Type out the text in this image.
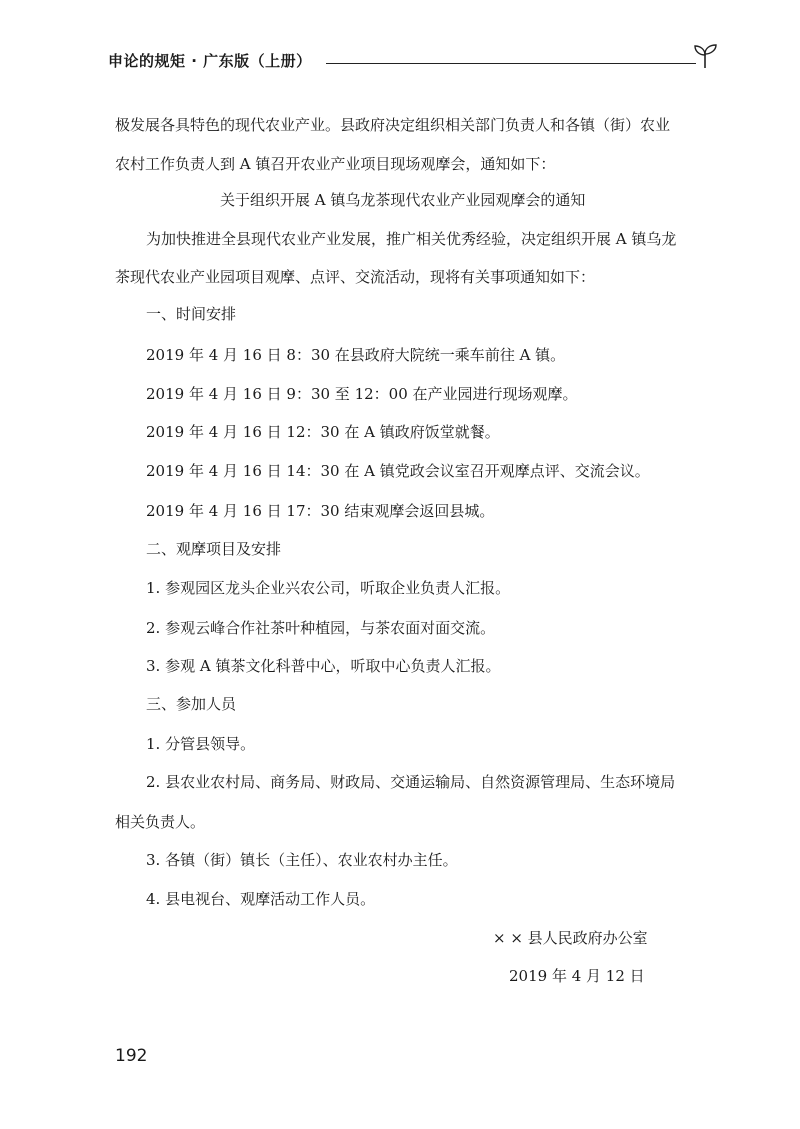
申论的规矩 · 广东版（上册）
极发展各具特色的现代农业产业。县政府决定组织相关部门负责人和各镇（街）农业
农村工作负责人到 A 镇召开农业产业项目现场观摩会，通知如下：
关于组织开展 A 镇乌龙茶现代农业产业园观摩会的通知
为加快推进全县现代农业产业发展，推广相关优秀经验，决定组织开展 A 镇乌龙
茶现代农业产业园项目观摩、点评、交流活动，现将有关事项通知如下：
一、时间安排
2019 年 4 月 16 日 8：30 在县政府大院统一乘车前往 A 镇。
2019 年 4 月 16 日 9：30 至 12：00 在产业园进行现场观摩。
2019 年 4 月 16 日 12：30 在 A 镇政府饭堂就餐。
2019 年 4 月 16 日 14：30 在 A 镇党政会议室召开观摩点评、交流会议。
2019 年 4 月 16 日 17：30 结束观摩会返回县城。
二、观摩项目及安排
1. 参观园区龙头企业兴农公司，听取企业负责人汇报。
2. 参观云峰合作社茶叶种植园，与茶农面对面交流。
3. 参观 A 镇茶文化科普中心，听取中心负责人汇报。
三、参加人员
1. 分管县领导。
2. 县农业农村局、商务局、财政局、交通运输局、自然资源管理局、生态环境局
相关负责人。
3. 各镇（街）镇长（主任）、农业农村办主任。
4. 县电视台、观摩活动工作人员。
× × 县人民政府办公室
2019 年 4 月 12 日
192
